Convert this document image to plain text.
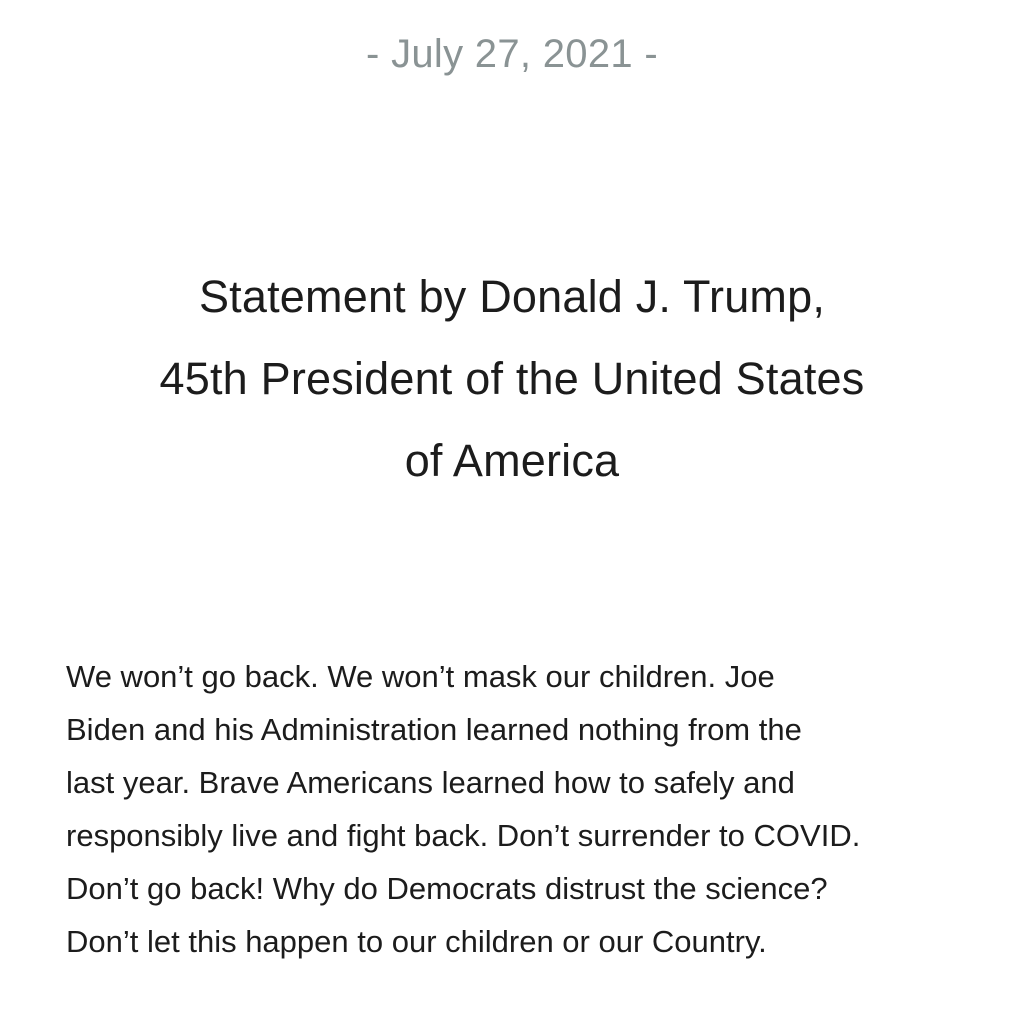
- July 27, 2021 -
Statement by Donald J. Trump,
45th President of the United States
of America
We won’t go back. We won’t mask our children. Joe
Biden and his Administration learned nothing from the
last year. Brave Americans learned how to safely and
responsibly live and fight back. Don’t surrender to COVID.
Don’t go back! Why do Democrats distrust the science?
Don’t let this happen to our children or our Country.
